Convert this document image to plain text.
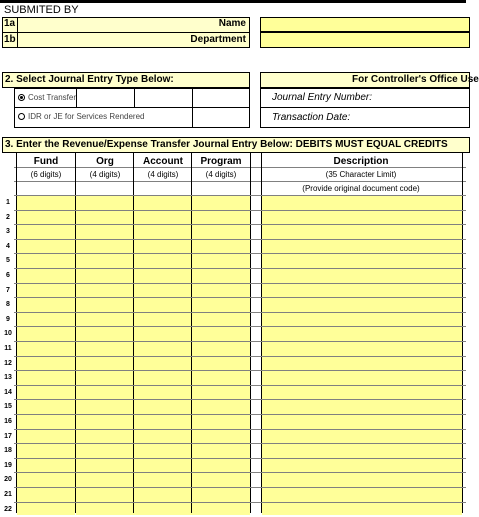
SUBMITED BY
1a
1b
Name
Department
2. Select Journal Entry Type Below:
Cost Transfer
IDR or JE for Services Rendered
For Controller's Office Use
Journal Entry Number:
Transaction Date:
3. Enter the Revenue/Expense Transfer Journal Entry Below: DEBITS MUST EQUAL CREDITS
Fund
(6 digits)
Org
(4 digits)
Account
(4 digits)
Program
(4 digits)
Description
(35 Character Limit)
(Provide original document code)
1
2
3
4
5
6
7
8
9
10
11
12
13
14
15
16
17
18
19
20
21
22
